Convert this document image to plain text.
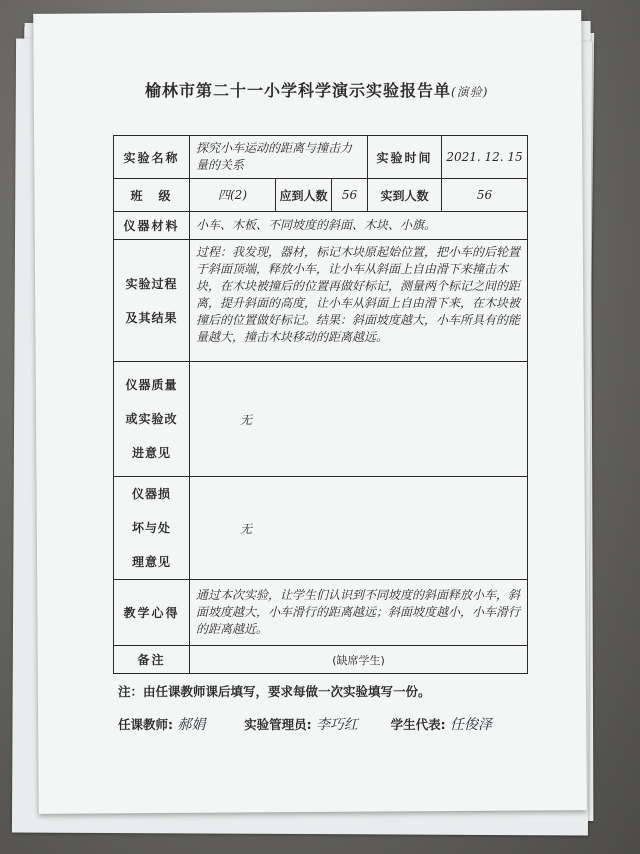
榆林市第二十一小学科学演示实验报告单(演验)
实验名称	探究小车运动的距离与撞击力量的关系			实验时间	2021. 12. 15
班　级	四(2)	应到人数	56	实到人数	56
仪器材料	小车、木板、不同坡度的斜面、木块、小旗。				

实验过程
及其结果	过程：我发现，器材，标记木块原起始位置，把小车的后轮置于斜面顶端，释放小车，让小车从斜面上自由滑下来撞击木块，在木块被撞后的位置再做好标记，测量两个标记之间的距离，提升斜面的高度，让小车从斜面上自由滑下来，在木块被撞后的位置做好标记。结果：斜面坡度越大，小车所具有的能量越大，撞击木块移动的距离越远。				

仪器质量
或实验改
进意见	无				

仪器损
坏与处
理意见	无				
教学心得	通过本次实验，让学生们认识到不同坡度的斜面释放小车，斜面坡度越大，小车滑行的距离越远；斜面坡度越小，小车滑行的距离越近。				
备注	(缺席学生)				
注：由任课教师课后填写，要求每做一次实验填写一份。
任课教师: 郝娟	实验管理员: 李巧红	学生代表: 任俊泽
